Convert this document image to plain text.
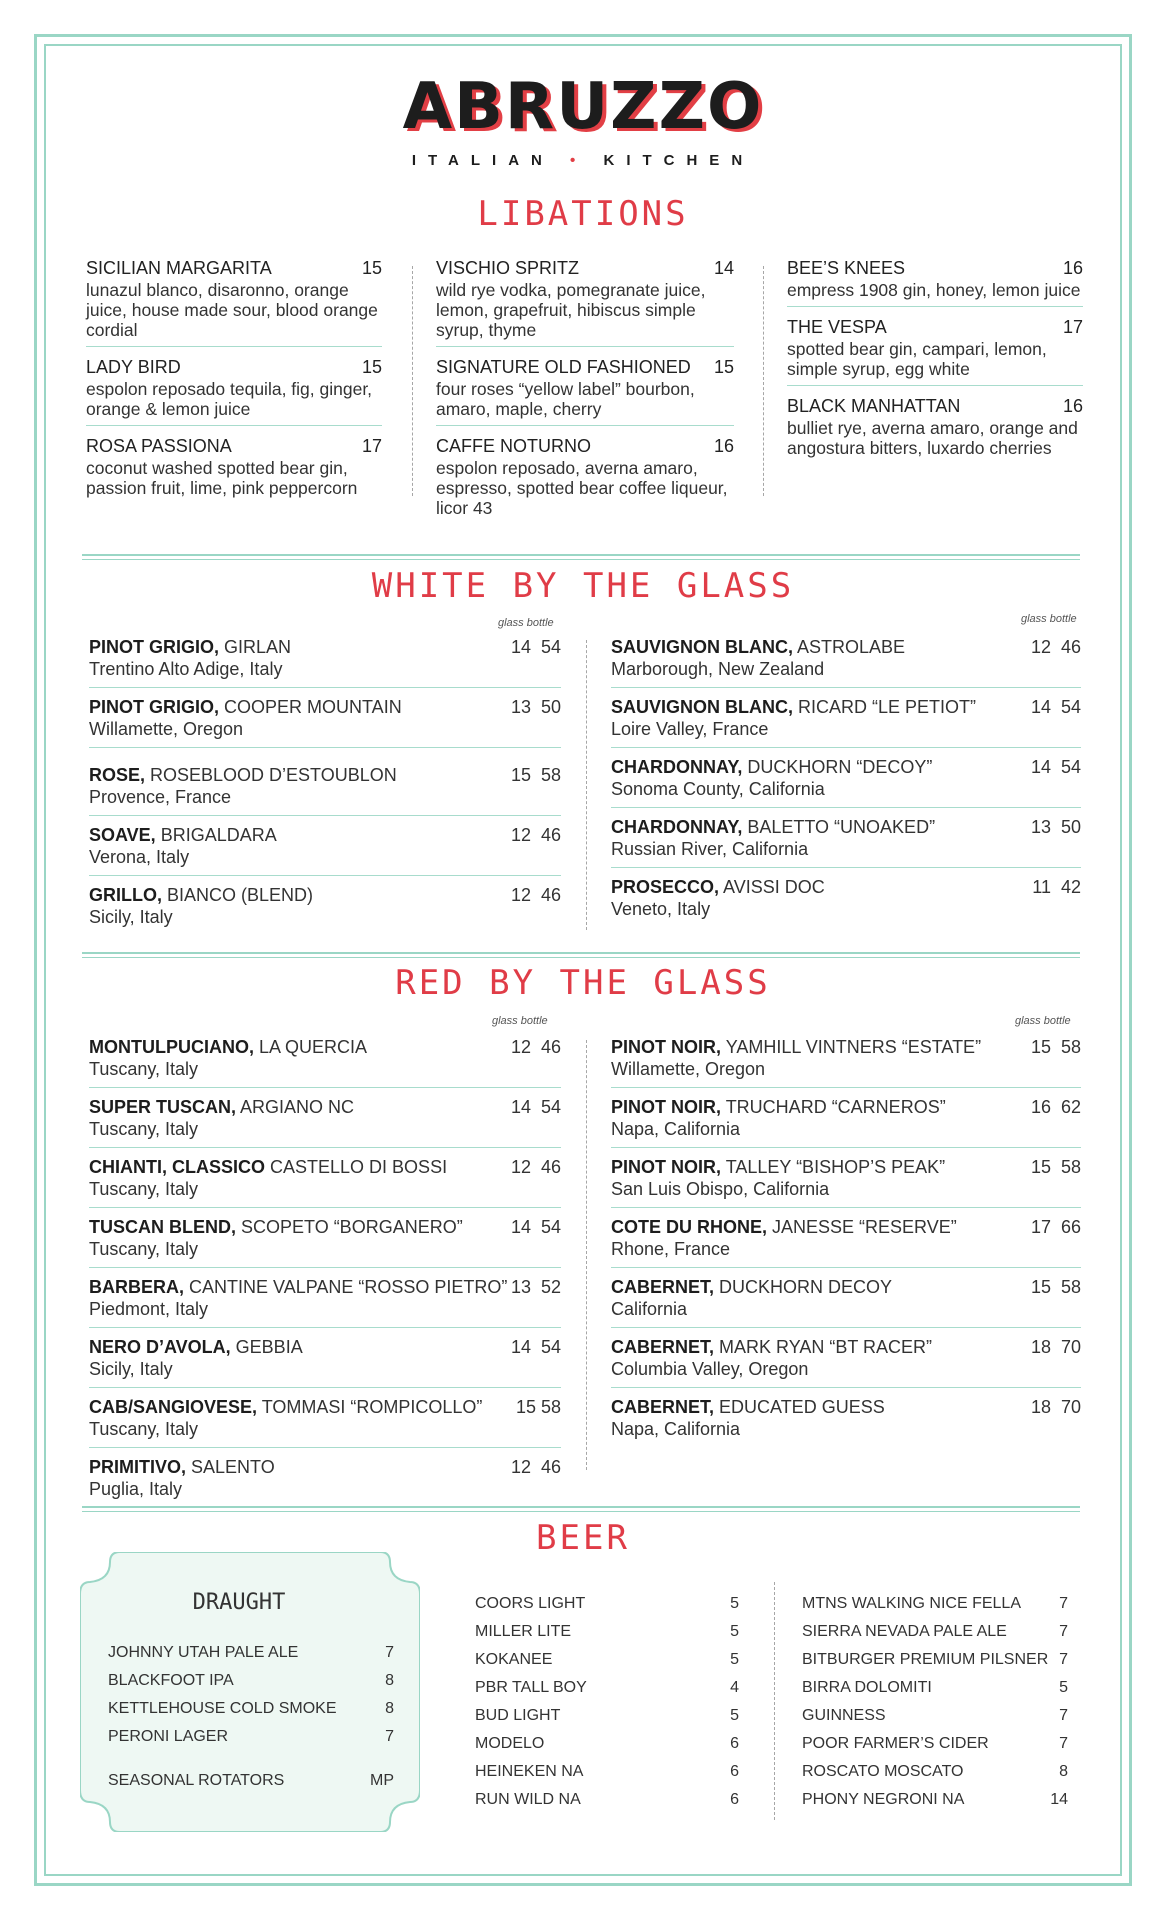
ABRUZZO
ITALIAN • KITCHEN
LIBATIONS
SICILIAN MARGARITA	15
lunazul blanco, disaronno, orange juice, house made sour, blood orange cordial
LADY BIRD	15
espolon reposado tequila, fig, ginger, orange & lemon juice
ROSA PASSIONA	17
coconut washed spotted bear gin, passion fruit, lime, pink peppercorn
VISCHIO SPRITZ	14
wild rye vodka, pomegranate juice, lemon, grapefruit, hibiscus simple syrup, thyme
SIGNATURE OLD FASHIONED 15
four roses “yellow label” bourbon, amaro, maple, cherry
CAFFE NOTURNO	16
espolon reposado, averna amaro, espresso, spotted bear coffee liqueur, licor 43
BEE’S KNEES	16
empress 1908 gin, honey, lemon juice
THE VESPA	17
spotted bear gin, campari, lemon, simple syrup, egg white
BLACK MANHATTAN	16
bulliet rye, averna amaro, orange and angostura bitters, luxardo cherries
WHITE BY THE GLASS
glass bottle	glass bottle
PINOT GRIGIO, GIRLAN	14  54
Trentino Alto Adige, Italy
PINOT GRIGIO, COOPER MOUNTAIN	13  50
Willamette, Oregon
ROSE, ROSEBLOOD D’ESTOUBLON	15  58
Provence, France
SOAVE, BRIGALDARA	12  46
Verona, Italy
GRILLO, BIANCO (BLEND)	12  46
Sicily, Italy
SAUVIGNON BLANC, ASTROLABE	12  46
Marborough, New Zealand
SAUVIGNON BLANC, RICARD “LE PETIOT”	14  54
Loire Valley, France
CHARDONNAY, DUCKHORN “DECOY”	14  54
Sonoma County, California
CHARDONNAY, BALETTO “UNOAKED”	13  50
Russian River, California
PROSECCO, AVISSI DOC	11  42
Veneto, Italy
RED BY THE GLASS
glass bottle	glass bottle
MONTULPUCIANO, LA QUERCIA	12  46
Tuscany, Italy
SUPER TUSCAN, ARGIANO NC	14  54
Tuscany, Italy
CHIANTI, CLASSICO CASTELLO DI BOSSI	12  46
Tuscany, Italy
TUSCAN BLEND, SCOPETO “BORGANERO”	14  54
Tuscany, Italy
BARBERA, CANTINE VALPANE “ROSSO PIETRO” 13  52
Piedmont, Italy
NERO D’AVOLA, GEBBIA	14  54
Sicily, Italy
CAB/SANGIOVESE, TOMMASI “ROMPICOLLO” 15 58
Tuscany, Italy
PRIMITIVO, SALENTO	12  46
Puglia, Italy
PINOT NOIR, YAMHILL VINTNERS “ESTATE”	15  58
Willamette, Oregon
PINOT NOIR, TRUCHARD “CARNEROS”	16  62
Napa, California
PINOT NOIR, TALLEY “BISHOP’S PEAK”	15  58
San Luis Obispo, California
COTE DU RHONE, JANESSE “RESERVE”	17  66
Rhone, France
CABERNET, DUCKHORN DECOY	15  58
California
CABERNET, MARK RYAN “BT RACER”	18  70
Columbia Valley, Oregon
CABERNET, EDUCATED GUESS	18  70
Napa, California
BEER
DRAUGHT
JOHNNY UTAH PALE ALE	7
BLACKFOOT IPA	8
KETTLEHOUSE COLD SMOKE	8
PERONI LAGER	7
SEASONAL ROTATORS	MP
COORS LIGHT	5
MILLER LITE	5
KOKANEE	5
PBR TALL BOY	4
BUD LIGHT	5
MODELO	6
HEINEKEN NA	6
RUN WILD NA	6
MTNS WALKING NICE FELLA 7
SIERRA NEVADA PALE ALE	7
BITBURGER PREMIUM PILSNER 7
BIRRA DOLOMITI	5
GUINNESS	7
POOR FARMER’S CIDER	7
ROSCATO MOSCATO	8
PHONY NEGRONI NA	14
